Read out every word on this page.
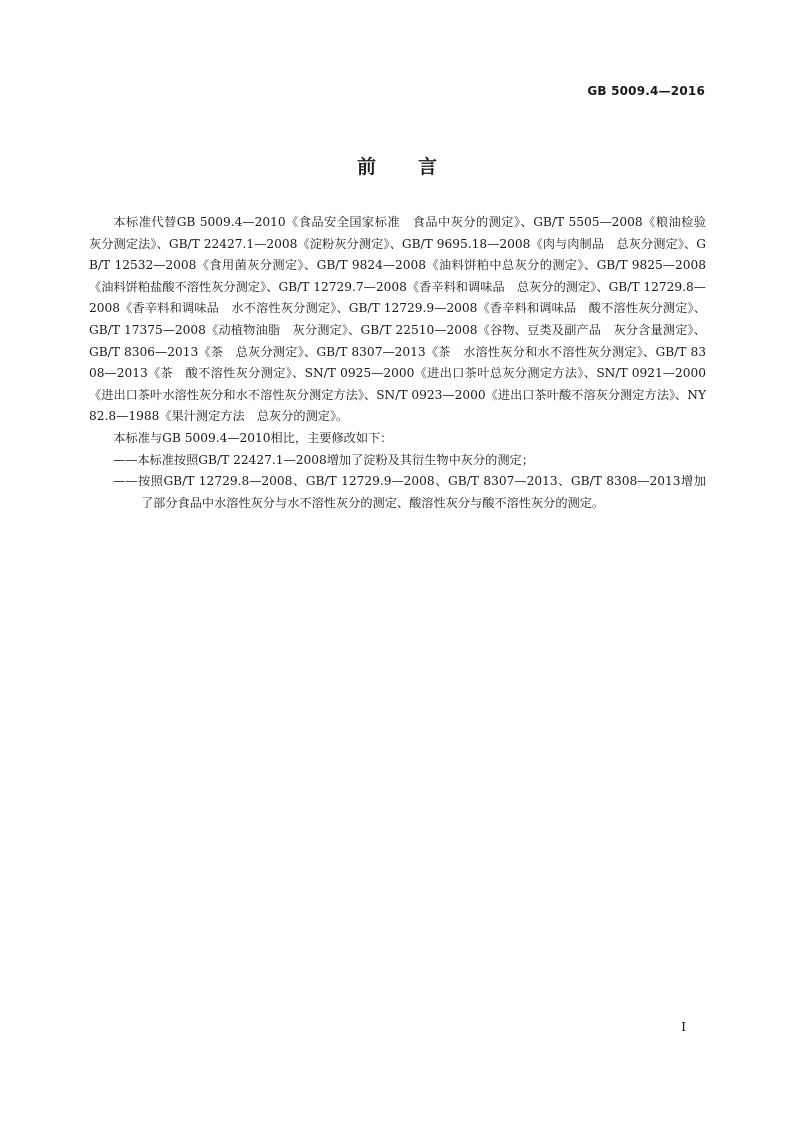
GB 5009.4—2016
前言

本标准代替GB 5009.4—2010《食品安全国家标准　食品中灰分的测定》、GB/T 5505—2008《粮油检验　灰分测定法》、GB/T 22427.1—2008《淀粉灰分测定》、GB/T 9695.18—2008《肉与肉制品　总灰分测定》、GB/T 12532—2008《食用菌灰分测定》、GB/T 9824—2008《油料饼粕中总灰分的测定》、GB/T 9825—2008《油料饼粕盐酸不溶性灰分测定》、GB/T 12729.7—2008《香辛料和调味品　总灰分的测定》、GB/T 12729.8—2008《香辛料和调味品　水不溶性灰分测定》、GB/T 12729.9—2008《香辛料和调味品　酸不溶性灰分测定》、GB/T 17375—2008《动植物油脂　灰分测定》、GB/T 22510—2008《谷物、豆类及副产品　灰分含量测定》、GB/T 8306—2013《茶　总灰分测定》、GB/T 8307—2013《茶　水溶性灰分和水不溶性灰分测定》、GB/T 8308—2013《茶　酸不溶性灰分测定》、SN/T 0925—2000《进出口茶叶总灰分测定方法》、SN/T 0921—2000《进出口茶叶水溶性灰分和水不溶性灰分测定方法》、SN/T 0923—2000《进出口茶叶酸不溶灰分测定方法》、NY 82.8—1988《果汁测定方法　总灰分的测定》。

本标准与GB 5009.4—2010相比，主要修改如下：

——本标准按照GB/T 22427.1—2008增加了淀粉及其衍生物中灰分的测定；

——按照GB/T 12729.8—2008、GB/T 12729.9—2008、GB/T 8307—2013、GB/T 8308—2013增加了部分食品中水溶性灰分与水不溶性灰分的测定、酸溶性灰分与酸不溶性灰分的测定。

I
